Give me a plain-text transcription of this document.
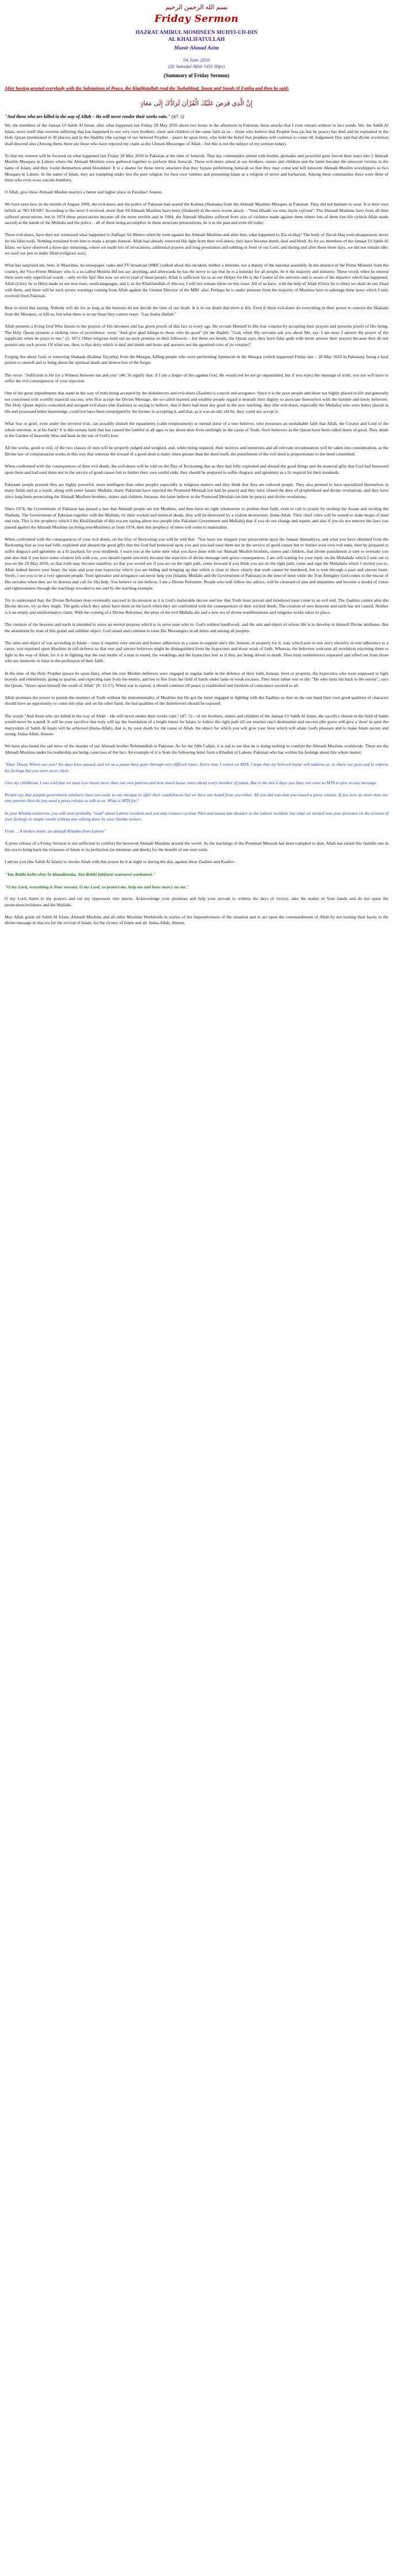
بسم الله الرحمن الرحيم
Friday Sermon

HAZRAT AMIRUL MOMINEEN MUHYI-UD-DIN

AL KHALIFATULLAH

Munir Ahmad Azim

04 June 2010

(20 Jumadul Akhir 1431 Hijri)

(Summary of Friday Sermon)

After having greeted everybody with the Salutations of Peace, the Khalifatullah read the Tashahhud, Tauuz and Surah Al Fatiha and then he said:

إِنَّ الَّذِي فَرَضَ عَلَيْكَ الْقُرْآنَ لَرَادُّكَ إِلَى مَعَادٍ

"And those who are killed in the way of Allah – He will never render their works vain." (47: 5)

We, the members of the Jamaat Ul Sahih Al Islam, after what happened last Friday 28 May 2010 about two hours in the afternoon in Pakistan, these attacks that I even remain without in fact words. We, the Sahih Al Islam, more itself that extreme suffering that has happened to our very own brothers, sister and children of the same faith as us – those who believe that Prophet Issa (as has he peace) has died and be explained in the Holy Quran (mentioned in 30 places) and in the Hadiths (the sayings of our beloved Prophet – peace be upon him), who hold the belief that prophets will continue to come till Judgement Day and that divine revelation shall descend also (Among them, there are those who have rejected my claim as the Chosen Messenger of Allah – but this is not the subject of my sermon today).

To that my sermon will be focused on what happened last Friday 28 May 2010 in Pakistan at the time of Juma'ah. That day commandos armed with bombs, grenades and powerful guns forced their ways into 2 Ahmadi Muslim Mosques in Lahore where the Ahmadi Muslims were gathered together to perform their Juma'ah. These evil-doers aimed at our brothers, sisters and children and the latter became the innocent victims in the name of Islam, and they found themselves amid bloodshed. It is a shame for those terror attackers that they bypass performing Juma'ah so that they may come and kill innocent Ahmadi Muslim worshippers in two Mosques in Lahore. In the name of Islam, they are trampling under feet the pure religion for their own vanities and presenting Islam as a religion of terror and barbarism. Among these commandos there were three of them who even wore suicide-bombers.

O Allah, give these Ahmadi Muslim martyrs a better and higher place in Paradise! Ameen.

We have seen how in the month of August 2009, the evil-doers and the police of Pakistan had snared the Kalima (Shahada) from the Ahmadi Muslims Mosques in Pakistan. They did not hesitate to wear 'It is their own beliefs as 'NO FEAR!' According to the news I received, more than 94 Ahmadi Muslims have been (Shaheed) in the most recent attack – "Inna lillaahi wa inna ilayhi raji'oon". The Ahmadi Muslims have from all time suffered persecutions, but in 1974 these persecutions became all the more terrible and in 1984, the Ahmadi Muslims suffered from acts of violence made against them where lots of them lost life (which Allah made sacred) at the hands of the Mullahs and the police – all of them being accomplice in these atrocious persecutions, be it in the past and even till today.

These evil-doers, have they not witnessed what happened to Zulfiqar Ali Bhutto when he went against the Ahmadi Muslims and after him, what happened to Zia-ul-Haq? The body of Zia-ul-Haq even disappeared, never for his false tools. Nothing remained from him to make a proper funeral. Allah had already removed His light from their evil-doers; they have become dumb, deaf and blind. As for us, members of the Jamaat Ul Sahih Al Islam, we have observed a three-day mourning, where we made lots of invocations, additional prayers and long prostration and sobbing in front of our Lord, and during and after these three days, we did not remain idle; we used our pen to make Jihad (religious war).

What has surprised me, here, in Mauritius, no newspaper, radio and TV broadcast (MBC) talked about this incident, neither a minister, nor a deputy of the national assembly. In the absence of the Prime Minister from the country, the Vice-Prime Minister who is a so-called Muslim did not say anything, and afterwards he has the nerve to say that he is a minister for all people, be it the majority and minority. These words when he uttered them were only superficial words – only on the lips! But now we are to read of these people, Allah is sufficient for us as our Helper for He is the Creator of the universe and is aware of the injustice which has happened. Allah (Glory be to Him) made us see true tears, tooth-languages, and I, as the Khalifatullah of this era, I will not remain silent on this issue. All of us have, with the help of Allah (Glory be to Him) we shall do our Jihad with them, and there will be such severe warnings coming from Allah against the Ummat Director of the MBC also. Perhaps he is under pressure from the majority of Muslims here to sabotage these news which I only received from Pakistan.

Bear in mind this saying. Nobody will die for as long as the heavens do not decide the time of our death. It is in our death that there is life. Even if these evil-doers do everything in their power to remove the Shahada from the Mosques, or kill us, but what there is in our heart they cannot erase: "Laa ilaaha illallah."

Allah presents a living God Who listens to the prayers of His devotees and has given proofs of this fact in every age. He reveals Himself to His true votaries by accepting their prayers and presents proofs of His being. The Holy Quran presents a striking view of providence: verse "And give glad tidings to those who do good" (in the Hadith: "God, when My servants ask you about Me, say: I am near; I answer the prayer of the supplicant when he prays to me." (2: 187). Other religions hold out no such promise in their followers – but these are beasts; the Quran says, they have false gods with never answer their prayers because they do not possess any such power. Of what use, then, is that deity which is deaf and dumb and hears and answers not the agonised cries of its votaries?

Forging lies about God, or removing Shahada (Kalima Tayyeba) from the Mosque, killing people who were performing Jumma'ah in the Mosque (which happened Friday last – 28 May 2010 in Pakistan), being a fatal poison to oneself and to bring about the spiritual death and destruction of the forger.

The verse: "Sufficient is He for a Witness between me and you" (46: 9) signify that: if I am a forger of lies against God, He would not let me go unpunished, but if you reject the message of truth, you too will have to suffer the evil consequences of your rejection.

One of the great impediments that stand in the way of truth being accepted by the disbelievers and evil-doers (Zaalim) is conceit and arrogance. Since it is the poor people and those not highly placed in life and generally not concerned with worldly material success, who first accept the Divine Message, the so-called learned and wealthy people regard it beneath their dignity to associate themselves with the humble and lowly believers. The Holy Quran depicts conceited and arrogant evil-doers (the Zaalims) as saying to believe, that if there had been any good in the new teaching, they (the evil-doers, especially the Mullahs) who were better placed in life and possessed better knowledge, could not have been outstripped by the former in accepting it, and that, as it was an old, old lie, they could not accept it.

What fear or grief, even under the severest trial, can possibly disturb the equanimity (calm temperament) or mental poise of a true believer, who possesses an unshakable faith that Allah, the Creator and Lord of the whole universe, is at his back? It is this certain faith that has caused the faithful in all ages to lay down their lives smilingly in the cause of Truth. Such believers as the Quran have been called doers of good. They abide in the Garden of heavenly bliss and bask in the sun of God's love.

All the works, good or evil, of the two classes of men will be properly judged and weighed, and, while being required, their motives and intentions and all relevant circumstances will be taken into consideration, as the Divine law of compensation works in this way that whereas the reward of a good deed is many times greater than the deed itself, the punishment of the evil deed is proportionate to the deed committed.

When confronted with the consequences of their evil deeds, the evil-doers will be told on the Day of Reckoning that as they had fully exploited and abused the good things and the material gifts that God had bestowed upon them and had used them not in the service of good causes but to further their own sordid ends, they should be prepared to suffer disgrace and ignominy as a fit requital for their misdeeds.

Pakistani people pretend they are highly powerful, more intelligent than other peoples especially in religious matters and they think that they are cultured people. They also pretend to have specialised themselves in many fields and as a result, along with some fanatic Mullahs, many Pakistani have rejected the Promised Messiah (on him be peace) and they have closed the door of prophethood and divine revelations, and they have since long been persecuting the Ahmadi Muslims brothers, sisters and children, because, the latter believe in the Promised Messiah (on him be peace) and divine revelations.

Since 1974, the Government of Pakistan has passed a law that Ahmadi people are not Muslims, and thus have no right whatsoever to profess their faith, even to call to prayer by reciting the Azaan and reciting the Shahada. The Government of Pakistan together with the Mullahs, by their wicked and inimical deeds, they will be destroyed by a violent destruction, Insha-Allah. Their chief cities will be turned to stake heaps of mud and ruin. This is the prophecy which I the Khalifatullah of this era am saying about two people (the Pakistani Government and Mullahs) that if you do not change and repent, and also if you do not remove the laws you passed against the Ahmadi Muslims (as being non-Muslims) as from 1974, then this prophecy of mine will come to materialise.

When confronted with the consequences of your evil deeds, on the Day of Reckoning you will be told that: "You have not stopped your persecution upon the Jamaat Ahmadiyya, and what you have obtained from the Reckoning that as you had fully exploited and abused the good gifts that the God had bestowed upon you and you had used them not in the service of good causes but to further your own evil ends, then be prepared to suffer disgrace and ignominy as a fit payback for your misdeeds. I warn you at the same time what you have done with our Ahmadi Muslim brothers, sisters and children, that divine punishment is sure to overtake you and also that if you have some wisdom left with you, you should repent sincerely because the rejection of divine message sent grave consequences. I am still waiting for your reply on the Mubahala which I sent out to you on the 29 May 2010, so that truth may become manifest, so that you would see if you are on the right path, come forward if you think you are on the right path, come and sign the Mubahala which I invited you to. Allah indeed knows your heart, the state and your true hypocrisy which you are hiding and bringing up that which is clear to show clearly that truth cannot be murdered, but is won through a pure and sincere heart. Verily, I see you to be a very ignorant people. Your ignorance and arrogance can never help you (Islamic Mullahs and the Government of Pakistan) in the time of need while the True Almighty God comes to the rescue of His servants when they are in distress and call for His help. You believe or not believe, I am a Divine Reformer. People who will follow my advice, will be cleansed of sins and impurities and become a model of virtue and righteousness through the teachings revealed to me and by the teaching example.

Try to understand that, the Divine Reformer does eventually succeed in his mission as it is God's inalterable decree and law that Truth must prevail and falsehood must come to an evil end. The Zaalims cannot alter the Divine decree, try as they might. The gods which they adore have them in the lurch when they are confronted with the consequences of their wicked deeds. The creation of new heavens and earth has not ceased. Neither is it an empty and uninformative claim. With the coming of a Divine Reformer, the plots of the evil Mullahs die and a new era of divine manifestations and religious works takes its place.

The creation of the heavens and earth is intended to serve an eternal purpose which is to serve man who in, God's noblest handiwork, and the aim and object of whose life is to develop in himself Divine attributes. But the attainment by man of this grand and sublime object, God raised and continue to raise His Messengers in all times and among all peoples.

The aims and object of war according to Islam – since it requires very sincere and honest adherence in a cause to support one's life, honour, or property for it, was, which puts to test one's sincerity or true adherence to a cause, was enjoined upon Muslims in self-defence so that true and sincere believers might be distinguished from the hypocrites and those weak of faith. Whereas, the believers welcome all revelation enjoining them to fight in the way of Allah, for it is in fighting that the real mettle of a man is tested, the weaklings and the hypocrites feel as if they are being driven to death. Thus truly nonbelievers separated and sifted out from those who are insincere or false in the profession of their faith.

In the time of the Holy Prophet (peace be upon him), when the true Muslim believers were engaged in regular battle in the defence of their faith, honour, lives or property, the hypocrites who were supposed to fight bravely and relentlessly, going to quarter, and expecting ease from the enemy, and not to flee from the field of battle under lame or weak excuses. They must rather win or die: "He who turns his back to the enemy", says the Quran, "draws upon himself the wrath of Allah" (8: 13-17). When war is started, it should continue till peace is established and freedom of conscience secured to all.

Allah promises the power to punish the enemies of Truth without the instrumentality of Muslims but He got the latter engaged in fighting with the Zaalims so that on the one hand their own good qualities of character should have an opportunity to come into play and on the other hand, the bad qualities of the disbelievers should be exposed.

The words "And those who are killed in the way of Allah – He will never render their works vain." (47: 5) – of my brothers, sisters and children of the Jamaat Ul Sahih Al Islam, the sacrifice shown in the field of battle would never be wasted. It will be your sacrifice that truly will lay the foundation of a bright future for Islam, to follow the right path till our reaches one's destination and success (the grave will give a 'door' in spite the martyrdom of Sahih Al Islam will be achieved (Insha-Allah), that is, by your death for the cause of Allah, the object for which you will give your lives which will attain God's pleasure and to make Islam secure and strong. Insha-Allah, Ameen.

We have also heard the sad news of the murder of our Ahmadi brother Rehmatullah in Pakistan. As for the fifth Caliph, it is sad to see that he is doing nothing to comfort the Ahmadi Muslims worldwide. There are the Ahmadi Muslims under his leadership are being conscious of the fact. An example of it is from the following letter from a Khadim of Lahore, Pakistan who has written his feelings about this whole matter:

"Dear Huzur, Where are you? Six days have passed, and we as a jamat have gone through very difficult times. Every time I switch on MTA, I hope that my beloved huzur will address us, to share our pain and to express his feelings but you were never there.

Give my childhood, I was told that we must love huzur more than our own parents and how much huzur cares about every member of jamat. But in the last 6 days you have not come to MTA to give us any message.

People say that punjab government ministers have not come to our mosque to offer their condolences but we have not heard from you either. All you did was that you issued a press release. If you love us more than our own parents then do you need a press release to talk to us. What is MTA for?

In your Khutba tomorrow, you will most probably "read" about Lahore incident and you may connect cyclone Phet and tsunia late disaster to the Lahore incident. but what we needed was your presence on the screens of your feelings in simple words without any editing done by your khutba writers.

From ... A broken heart, an ahmadi Khadim from Lahore"

A press release of a Friday Sermon is not sufficient to comfort the bereaved Ahmadi Muslims around the world. As the teachings of the Promised Messiah has been trampled to dust, Allah has raised this humble one in this era to bring back the treasures of Islam in its perfection (in intention and deeds) for the benefit of our own souls.

I advise you (the Sahih Al Islam) to invoke Allah with this prayer be it at night or during the day, against these Zaalims and Kaafirs :

"Yaa Rabbi kullu shay'in khaadimuka. Yaa Rabbi fahfazni wansurni warhamni."

"O my Lord, everything is Your servant. O my Lord, so protect me, help me and have mercy on me."

O my Lord, listen to my prayers and cut my oppressors into pieces. Acknowledge your promises and help your servant to witness the days of victory, take the matter in Your hands and do not spare the persecutors/evildoers and the Mullahs.

May Allah guide all Sahih Al Islam, Ahmadi Muslims and all other Muslims Worldwide to realise of the imperativeness of the situation and to act upon the commandments of Allah by not turning their backs to the divine message in this era for the revival of Islam, for the victory of Islam and all. Insha-Allah, Ameen.
